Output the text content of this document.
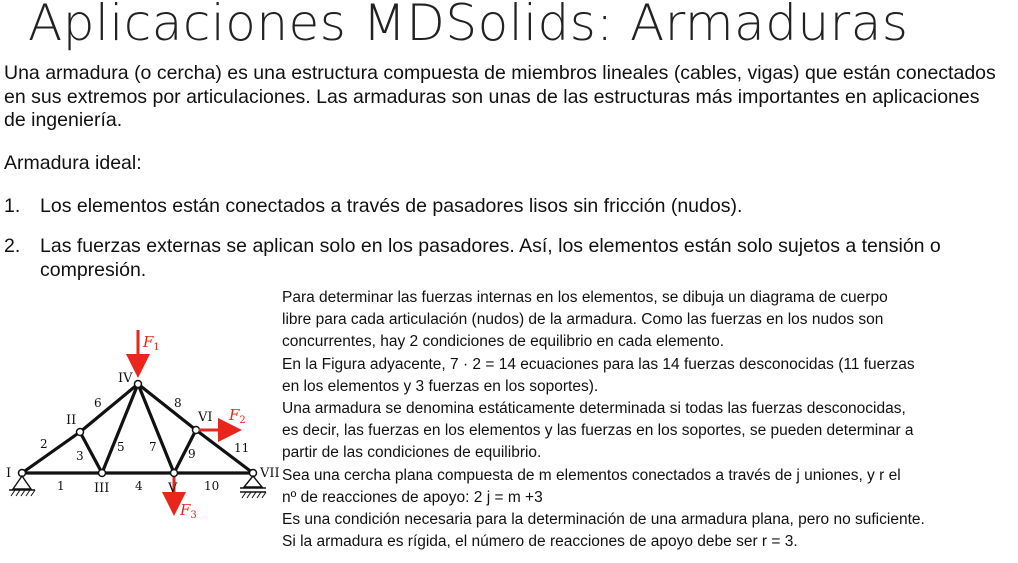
Aplicaciones MDSolids: Armaduras
Una armadura (o cercha) es una estructura compuesta de miembros lineales (cables, vigas) que están conectados en sus extremos por articulaciones. Las armaduras son unas de las estructuras más importantes en aplicaciones de ingeniería.
Armadura ideal:
1. Los elementos están conectados a través de pasadores lisos sin fricción (nudos).
2. Las fuerzas externas se aplican solo en los pasadores. Así, los elementos están solo sujetos a tensión o compresión.

Para determinar las fuerzas internas en los elementos, se dibuja un diagrama de cuerpo

libre para cada articulación (nudos) de la armadura. Como las fuerzas en los nudos son

concurrentes, hay 2 condiciones de equilibrio en cada elemento.

En la Figura adyacente, 7 · 2 = 14 ecuaciones para las 14 fuerzas desconocidas (11 fuerzas

en los elementos y 3 fuerzas en los soportes).

Una armadura se denomina estáticamente determinada si todas las fuerzas desconocidas,

es decir, las fuerzas en los elementos y las fuerzas en los soportes, se pueden determinar a

partir de las condiciones de equilibrio.

Sea una cercha plana compuesta de m elementos conectados a través de j uniones, y r el

nº de reacciones de apoyo: 2 j = m +3

Es una condición necesaria para la determinación de una armadura plana, pero no suficiente.

Si la armadura es rígida, el número de reacciones de apoyo debe ser r = 3.

$F_1$
$F_2$
$F_3$
I
II
III
IV
V
VI
VII
1
2
3
4
5
6
7
8
9
10
11
